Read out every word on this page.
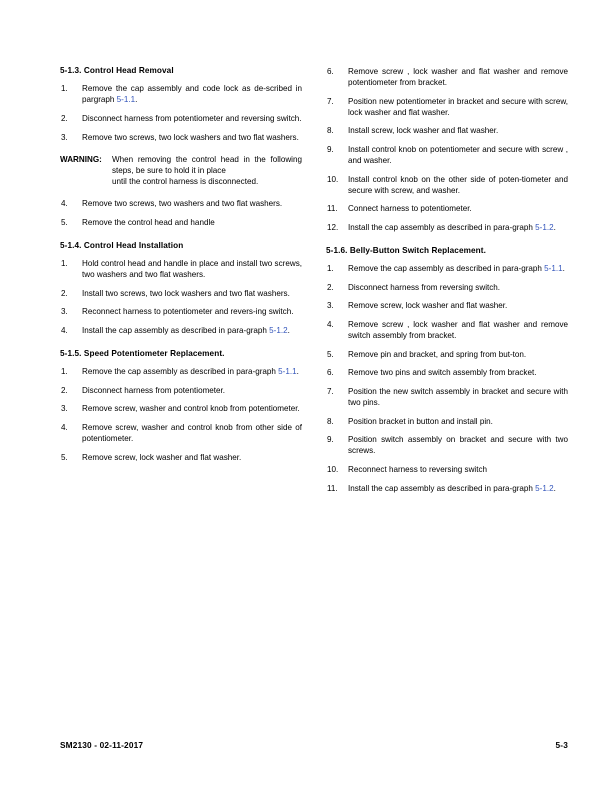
5-1.3. Control Head Removal
1.	Remove the cap assembly and code lock as de-scribed in pargraph 5-1.1.
2.	Disconnect harness from potentiometer and reversing switch.
3.	Remove two screws, two lock washers and two flat washers.
WARNING:	When removing the control head in the following steps, be sure to hold it in place
until the control harness is disconnected.
4.	Remove two screws, two washers and two flat washers.
5.	Remove the control head and handle
5-1.4. Control Head Installation
1.	Hold control head and handle in place and install two screws, two washers and two flat washers.
2.	Install two screws, two lock washers and two flat washers.
3.	Reconnect harness to potentiometer and revers-ing switch.
4.	Install the cap assembly as described in para-graph 5-1.2.
5-1.5. Speed Potentiometer Replacement.
1.	Remove the cap assembly as described in para-graph 5-1.1.
2.	Disconnect harness from potentiometer.
3.	Remove screw, washer and control knob from potentiometer.
4.	Remove screw, washer and control knob from other side of potentiometer.
5.	Remove screw, lock washer and flat washer.
6.	Remove screw , lock washer and flat washer and remove potentiometer from bracket.
7.	Position new potentiometer in bracket and secure with screw, lock washer and flat washer.
8.	Install screw, lock washer and flat washer.
9.	Install control knob on potentiometer and secure with screw , and washer.
10.	Install control knob on the other side of poten-tiometer and secure with screw, and washer.
11.	Connect harness to potentiometer.
12.	Install the cap assembly as described in para-graph 5-1.2.
5-1.6. Belly-Button Switch Replacement.
1.	Remove the cap assembly as described in para-graph 5-1.1.
2.	Disconnect harness from reversing switch.
3.	Remove screw, lock washer and flat washer.
4.	Remove screw , lock washer and flat washer and remove switch assembly from bracket.
5.	Remove pin and bracket, and spring from but-ton.
6.	Remove two pins and switch assembly from bracket.
7.	Position the new switch assembly in bracket and secure with two pins.
8.	Position bracket in button and install pin.
9.	Position switch assembly on bracket and secure with two screws.
10.	Reconnect harness to reversing switch
11.	Install the cap assembly as described in para-graph 5-1.2.
SM2130 - 02-11-2017	5-3
